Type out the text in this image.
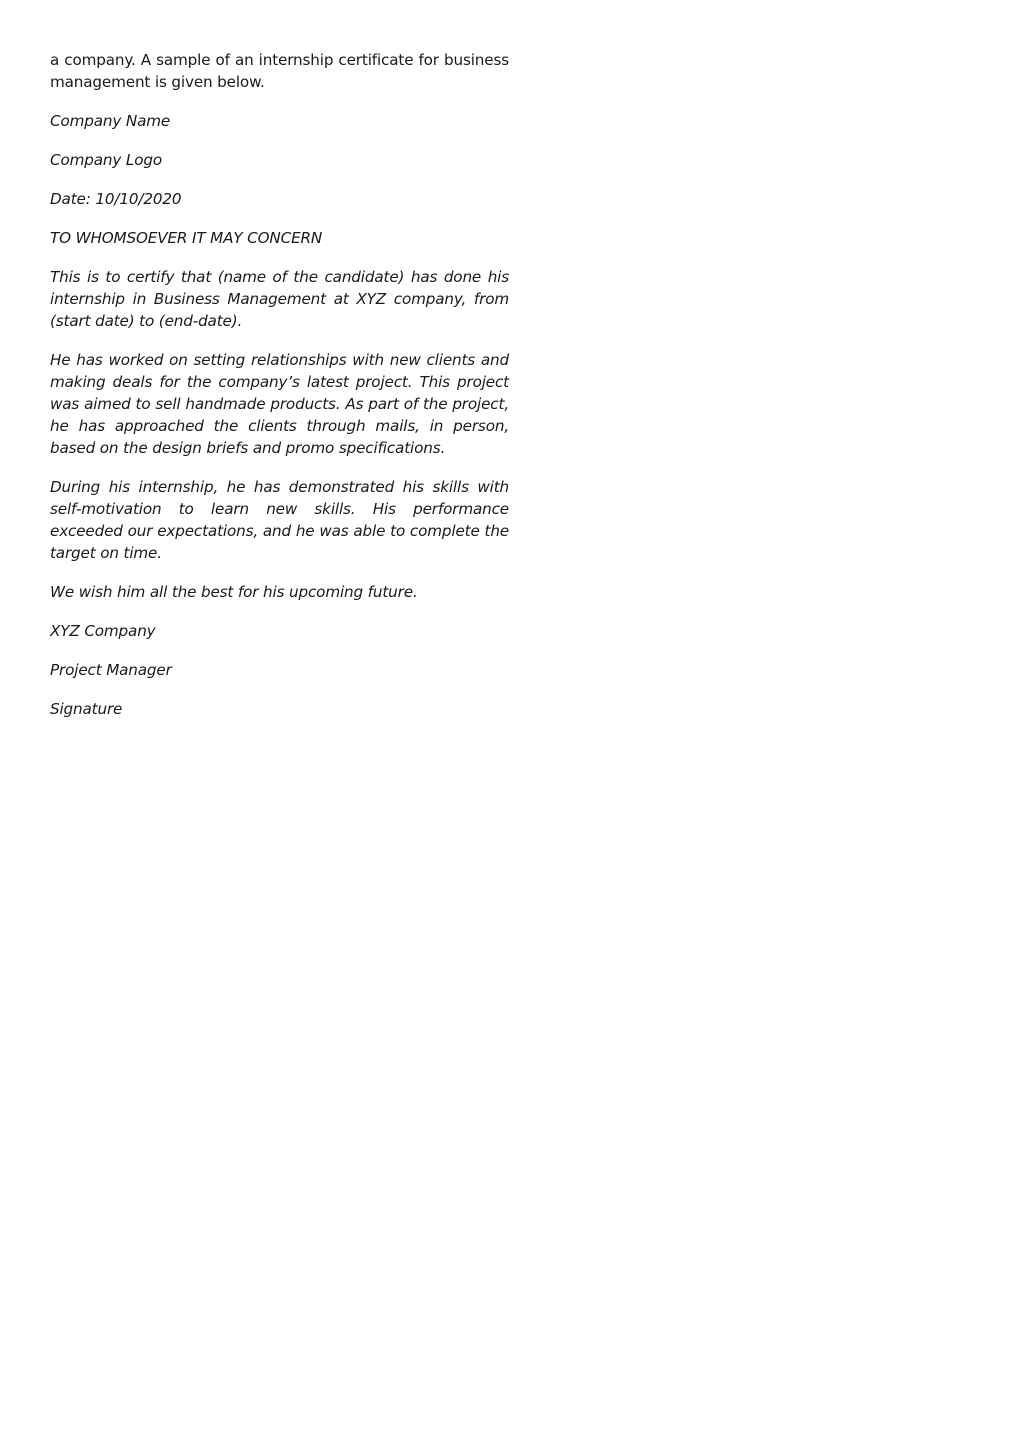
a company. A sample of an internship certificate for business management is given below.

Company Name

Company Logo

Date: 10/10/2020

TO WHOMSOEVER IT MAY CONCERN

This is to certify that (name of the candidate) has done his internship in Business Management at XYZ company, from (start date) to (end-date).

He has worked on setting relationships with new clients and making deals for the company’s latest project. This project was aimed to sell handmade products. As part of the project, he has approached the clients through mails, in person, based on the design briefs and promo specifications.

During his internship, he has demonstrated his skills with self-motivation to learn new skills. His performance exceeded our expectations, and he was able to complete the target on time.

We wish him all the best for his upcoming future.

XYZ Company

Project Manager

Signature
